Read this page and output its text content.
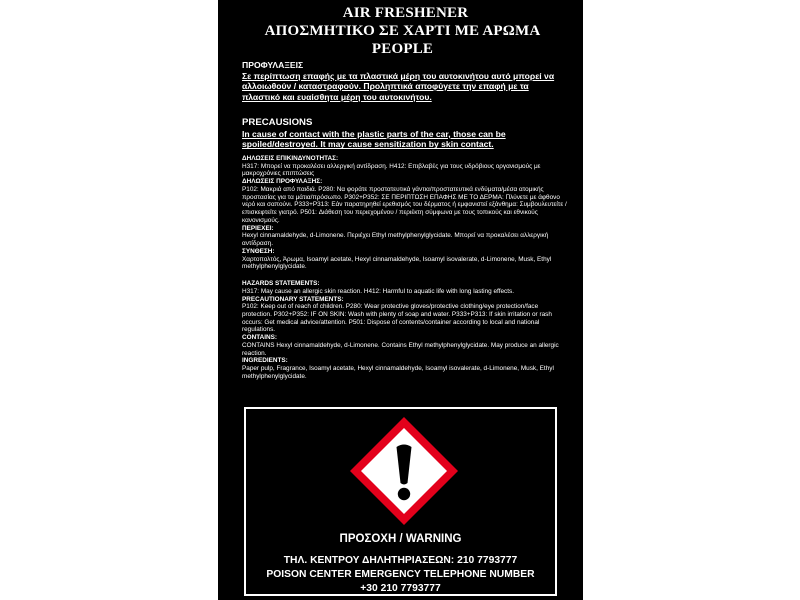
AIR FRESHENER
ΑΠΟΣΜΗΤΙΚΟ ΣΕ ΧΑΡΤΙ ΜΕ ΑΡΩΜΑ PEOPLE
ΠΡΟΦΥΛΑΞΕΙΣ
Σε περίπτωση επαφής με τα πλαστικά μέρη του αυτοκινήτου αυτό μπορεί να αλλοιωθούν / καταστραφούν. Προληπτικά αποφύγετε την επαφή με τα πλαστικό και ευαίσθητα μέρη του αυτοκινήτου.
PRECAUSIONS
In cause of contact with the plastic parts of the car, those can be spoiled/destroyed. It may cause sensitization by skin contact.
ΔΗΛΩΣΕΙΣ ΕΠΙΚΙΝΔΥΝΟΤΗΤΑΣ:
H317: Μπορεί να προκαλέσει αλλεργική αντίδραση. H412: Επιβλαβές για τους υδρόβιους οργανισμούς με μακροχρόνιες επιπτώσεις
ΔΗΛΩΣΕΙΣ ΠΡΟΦΥΛΑΞΗΣ:
P102: Μακριά από παιδιά. P280: Να φοράτε προστατευτικά γάντια/προστατευτικά ενδύματα/μέσα ατομικής προστασίας για τα μάτια/πρόσωπο. P302+P352: ΣΕ ΠΕΡΙΠΤΩΣΗ ΕΠΑΦΗΣ ΜΕ ΤΟ ΔΕΡΜΑ: Πλύνετε με άφθονο νερό και σαπούνι. P333+P313: Εάν παρατηρηθεί ερεθισμός του δέρματος ή εμφανιστεί εξάνθημα: Συμβουλευτείτε / επισκεφτείτε γιατρό. P501: Διάθεση του περιεχομένου / περιέκτη σύμφωνα με τους τοπικούς και εθνικούς κανονισμούς.
ΠΕΡΙΕΧΕΙ:
Hexyl cinnamaldehyde, d-Limonene. Περιέχει Ethyl methylphenylglycidate. Μπορεί να προκαλέσει αλλεργική αντίδραση.
ΣΥΝΘΕΣΗ:
Χαρτοπολτός, Άρωμα, Isoamyl acetate, Hexyl cinnamaldehyde, Isoamyl isovalerate, d-Limonene, Musk, Ethyl methylphenylglycidate.
HAZARDS STATEMENTS:
H317: May cause an allergic skin reaction. H412: Harmful to aquatic life with long lasting effects.
PRECAUTIONARY STATEMENTS:
P102: Keep out of reach of children. P280: Wear protective gloves/protective clothing/eye protection/face protection. P302+P352: IF ON SKIN: Wash with plenty of soap and water. P333+P313: If skin irritation or rash occurs: Get medical advice/attention. P501: Dispose of contents/container according to local and national regulations.
CONTAINS:
CONTAINS Hexyl cinnamaldehyde, d-Limonene. Contains Ethyl methylphenylglycidate. May produce an allergic reaction.
INGREDIENTS:
Paper pulp, Fragrance, Isoamyl acetate, Hexyl cinnamaldehyde, Isoamyl isovalerate, d-Limonene, Musk, Ethyl methylphenylglycidate.
ΠΡΟΣΟΧΗ / WARNING
ΤΗΛ. ΚΕΝΤΡΟΥ ΔΗΛΗΤΗΡΙΑΣΕΩΝ: 210 7793777
POISON CENTER EMERGENCY TELEPHONE NUMBER
+30 210 7793777
